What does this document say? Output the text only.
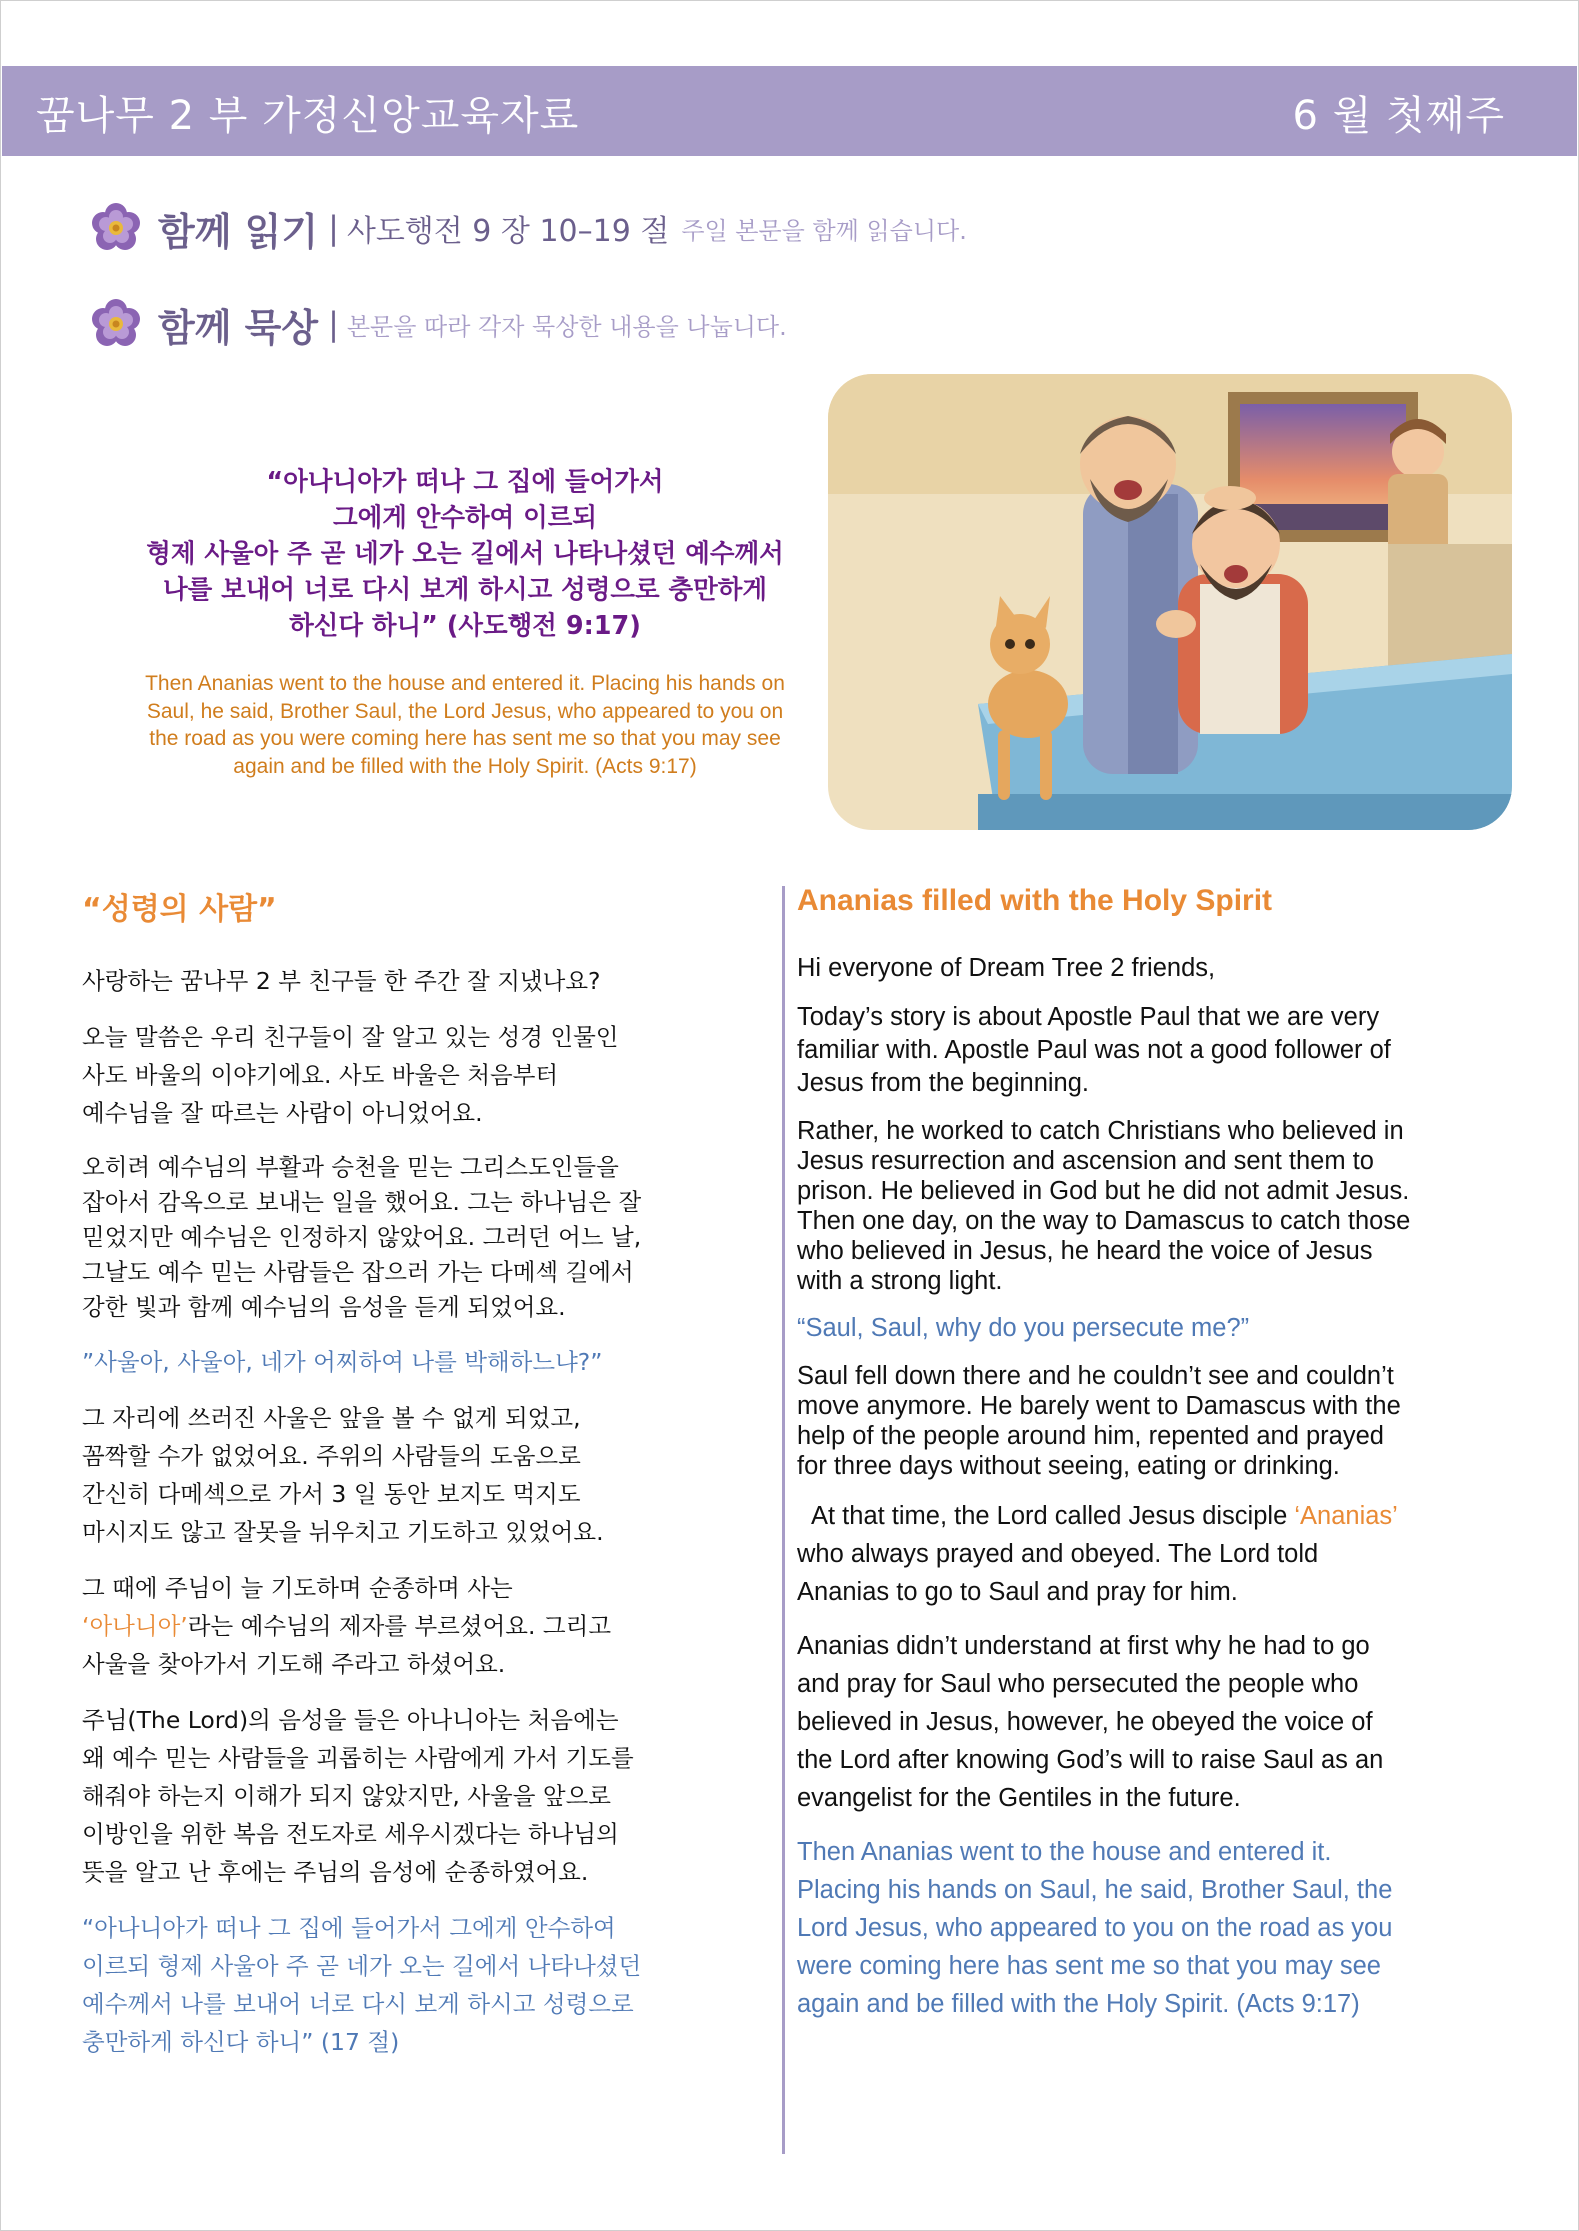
꿈나무 2 부 가정신앙교육자료	6 월 첫째주
함께 읽기 | 사도행전 9 장 10–19 절 주일 본문을 함께 읽습니다.
함께 묵상 | 본문을 따라 각자 묵상한 내용을 나눕니다.
“아나니아가 떠나 그 집에 들어가서
그에게 안수하여 이르되
형제 사울아 주 곧 네가 오는 길에서 나타나셨던 예수께서
나를 보내어 너로 다시 보게 하시고 성령으로 충만하게
하신다 하니” (사도행전 9:17)
Then Ananias went to the house and entered it. Placing his hands on
Saul, he said, Brother Saul, the Lord Jesus, who appeared to you on
the road as you were coming here has sent me so that you may see
again and be filled with the Holy Spirit. (Acts 9:17)
“성령의 사람”
사랑하는 꿈나무 2 부 친구들 한 주간 잘 지냈나요?
오늘 말씀은 우리 친구들이 잘 알고 있는 성경 인물인
사도 바울의 이야기에요. 사도 바울은 처음부터
예수님을 잘 따르는 사람이 아니었어요.
오히려 예수님의 부활과 승천을 믿는 그리스도인들을
잡아서 감옥으로 보내는 일을 했어요. 그는 하나님은 잘
믿었지만 예수님은 인정하지 않았어요. 그러던 어느 날,
그날도 예수 믿는 사람들은 잡으러 가는 다메섹 길에서
강한 빛과 함께 예수님의 음성을 듣게 되었어요.
”사울아, 사울아, 네가 어찌하여 나를 박해하느냐?”
그 자리에 쓰러진 사울은 앞을 볼 수 없게 되었고,
꼼짝할 수가 없었어요. 주위의 사람들의 도움으로
간신히 다메섹으로 가서 3 일 동안 보지도 먹지도
마시지도 않고 잘못을 뉘우치고 기도하고 있었어요.
그 때에 주님이 늘 기도하며 순종하며 사는
‘아나니아’라는 예수님의 제자를 부르셨어요. 그리고
사울을 찾아가서 기도해 주라고 하셨어요.
주님(The Lord)의 음성을 들은 아나니아는 처음에는
왜 예수 믿는 사람들을 괴롭히는 사람에게 가서 기도를
해줘야 하는지 이해가 되지 않았지만, 사울을 앞으로
이방인을 위한 복음 전도자로 세우시겠다는 하나님의
뜻을 알고 난 후에는 주님의 음성에 순종하였어요.
“아나니아가 떠나 그 집에 들어가서 그에게 안수하여
이르되 형제 사울아 주 곧 네가 오는 길에서 나타나셨던
예수께서 나를 보내어 너로 다시 보게 하시고 성령으로
충만하게 하신다 하니” (17 절)
Ananias filled with the Holy Spirit
Hi everyone of Dream Tree 2 friends,
Today’s story is about Apostle Paul that we are very
familiar with. Apostle Paul was not a good follower of
Jesus from the beginning.
Rather, he worked to catch Christians who believed in
Jesus resurrection and ascension and sent them to
prison. He believed in God but he did not admit Jesus.
Then one day, on the way to Damascus to catch those
who believed in Jesus, he heard the voice of Jesus
with a strong light.
“Saul, Saul, why do you persecute me?”
Saul fell down there and he couldn’t see and couldn’t
move anymore. He barely went to Damascus with the
help of the people around him, repented and prayed
for three days without seeing, eating or drinking.
At that time, the Lord called Jesus disciple ‘Ananias’
who always prayed and obeyed. The Lord told
Ananias to go to Saul and pray for him.
Ananias didn’t understand at first why he had to go
and pray for Saul who persecuted the people who
believed in Jesus, however, he obeyed the voice of
the Lord after knowing God’s will to raise Saul as an
evangelist for the Gentiles in the future.
Then Ananias went to the house and entered it.
Placing his hands on Saul, he said, Brother Saul, the
Lord Jesus, who appeared to you on the road as you
were coming here has sent me so that you may see
again and be filled with the Holy Spirit. (Acts 9:17)
